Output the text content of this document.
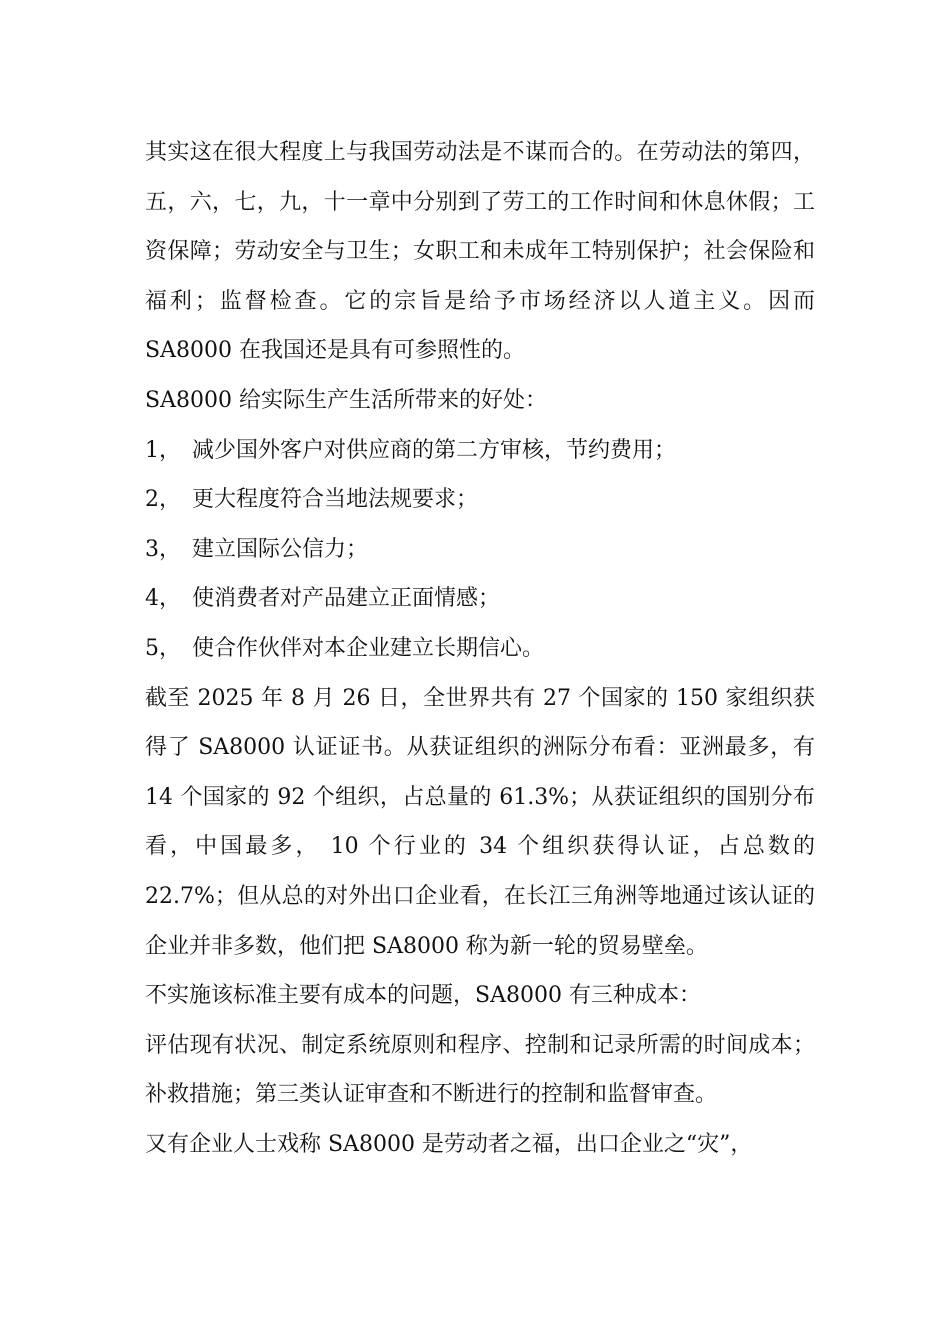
其实这在很大程度上与我国劳动法是不谋而合的。在劳动法的第四，五，六，七，九，十一章中分别到了劳工的工作时间和休息休假；工资保障；劳动安全与卫生；女职工和未成年工特别保护；社会保险和福利；监督检查。它的宗旨是给予市场经济以人道主义。因而 SA8000 在我国还是具有可参照性的。

SA8000 给实际生产生活所带来的好处：

1， 减少国外客户对供应商的第二方审核，节约费用；
2， 更大程度符合当地法规要求；
3， 建立国际公信力；
4， 使消费者对产品建立正面情感；
5， 使合作伙伴对本企业建立长期信心。

截至 2025 年 8 月 26 日，全世界共有 27 个国家的 150 家组织获得了 SA8000 认证证书。从获证组织的洲际分布看：亚洲最多，有 14 个国家的 92 个组织，占总量的 61.3%；从获证组织的国别分布看，中国最多， 10 个行业的 34 个组织获得认证，占总数的 22.7%；但从总的对外出口企业看，在长江三角洲等地通过该认证的企业并非多数，他们把 SA8000 称为新一轮的贸易壁垒。

不实施该标准主要有成本的问题，SA8000 有三种成本：

评估现有状况、制定系统原则和程序、控制和记录所需的时间成本；补救措施；第三类认证审查和不断进行的控制和监督审查。

又有企业人士戏称 SA8000 是劳动者之福，出口企业之“灾”，
